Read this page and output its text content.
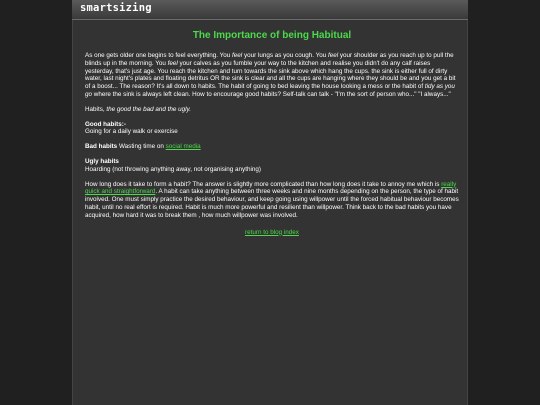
smartsizing
The Importance of being Habitual

As one gets older one begins to feel everything. You feel your lungs as you cough. You feel your shoulder as you reach up to pull the blinds up in the morning. You feel your calves as you fumble your way to the kitchen and realise you didn't do any calf raises yesterday, that's just age. You reach the kitchen and turn towards the sink above which hang the cups. the sink is either full of dirty water, last night's plates and floating detritus OR the sink is clear and all the cups are hanging where they should be and you get a bit of a boost... The reason? It's all down to habits. The habit of going to bed leaving the house looking a mess or the habit of tidy as you go where the sink is always left clean. How to encourage good habits? Self-talk can talk - "I'm the sort of person who..." "I always..."

Habits, the good the bad and the ugly.

Good habits:-
Going for a daily walk or exercise

Bad habits Wasting time on social media

Ugly habits
Hoarding (not throwing anything away, not organising anything)

How long does it take to form a habit? The answer is slightly more complicated than how long does it take to annoy me which is really quick and straightforward. A habit can take anything between three weeks and nine months depending on the person, the type of habit involved. One must simply practice the desired behaviour, and keep going using willpower until the forced habitual behaviour becomes habit, until no real effort is required. Habit is much more powerful and resilient than willpower. Think back to the bad habits you have acquired, how hard it was to break them , how much willpower was involved.

return to blog index
